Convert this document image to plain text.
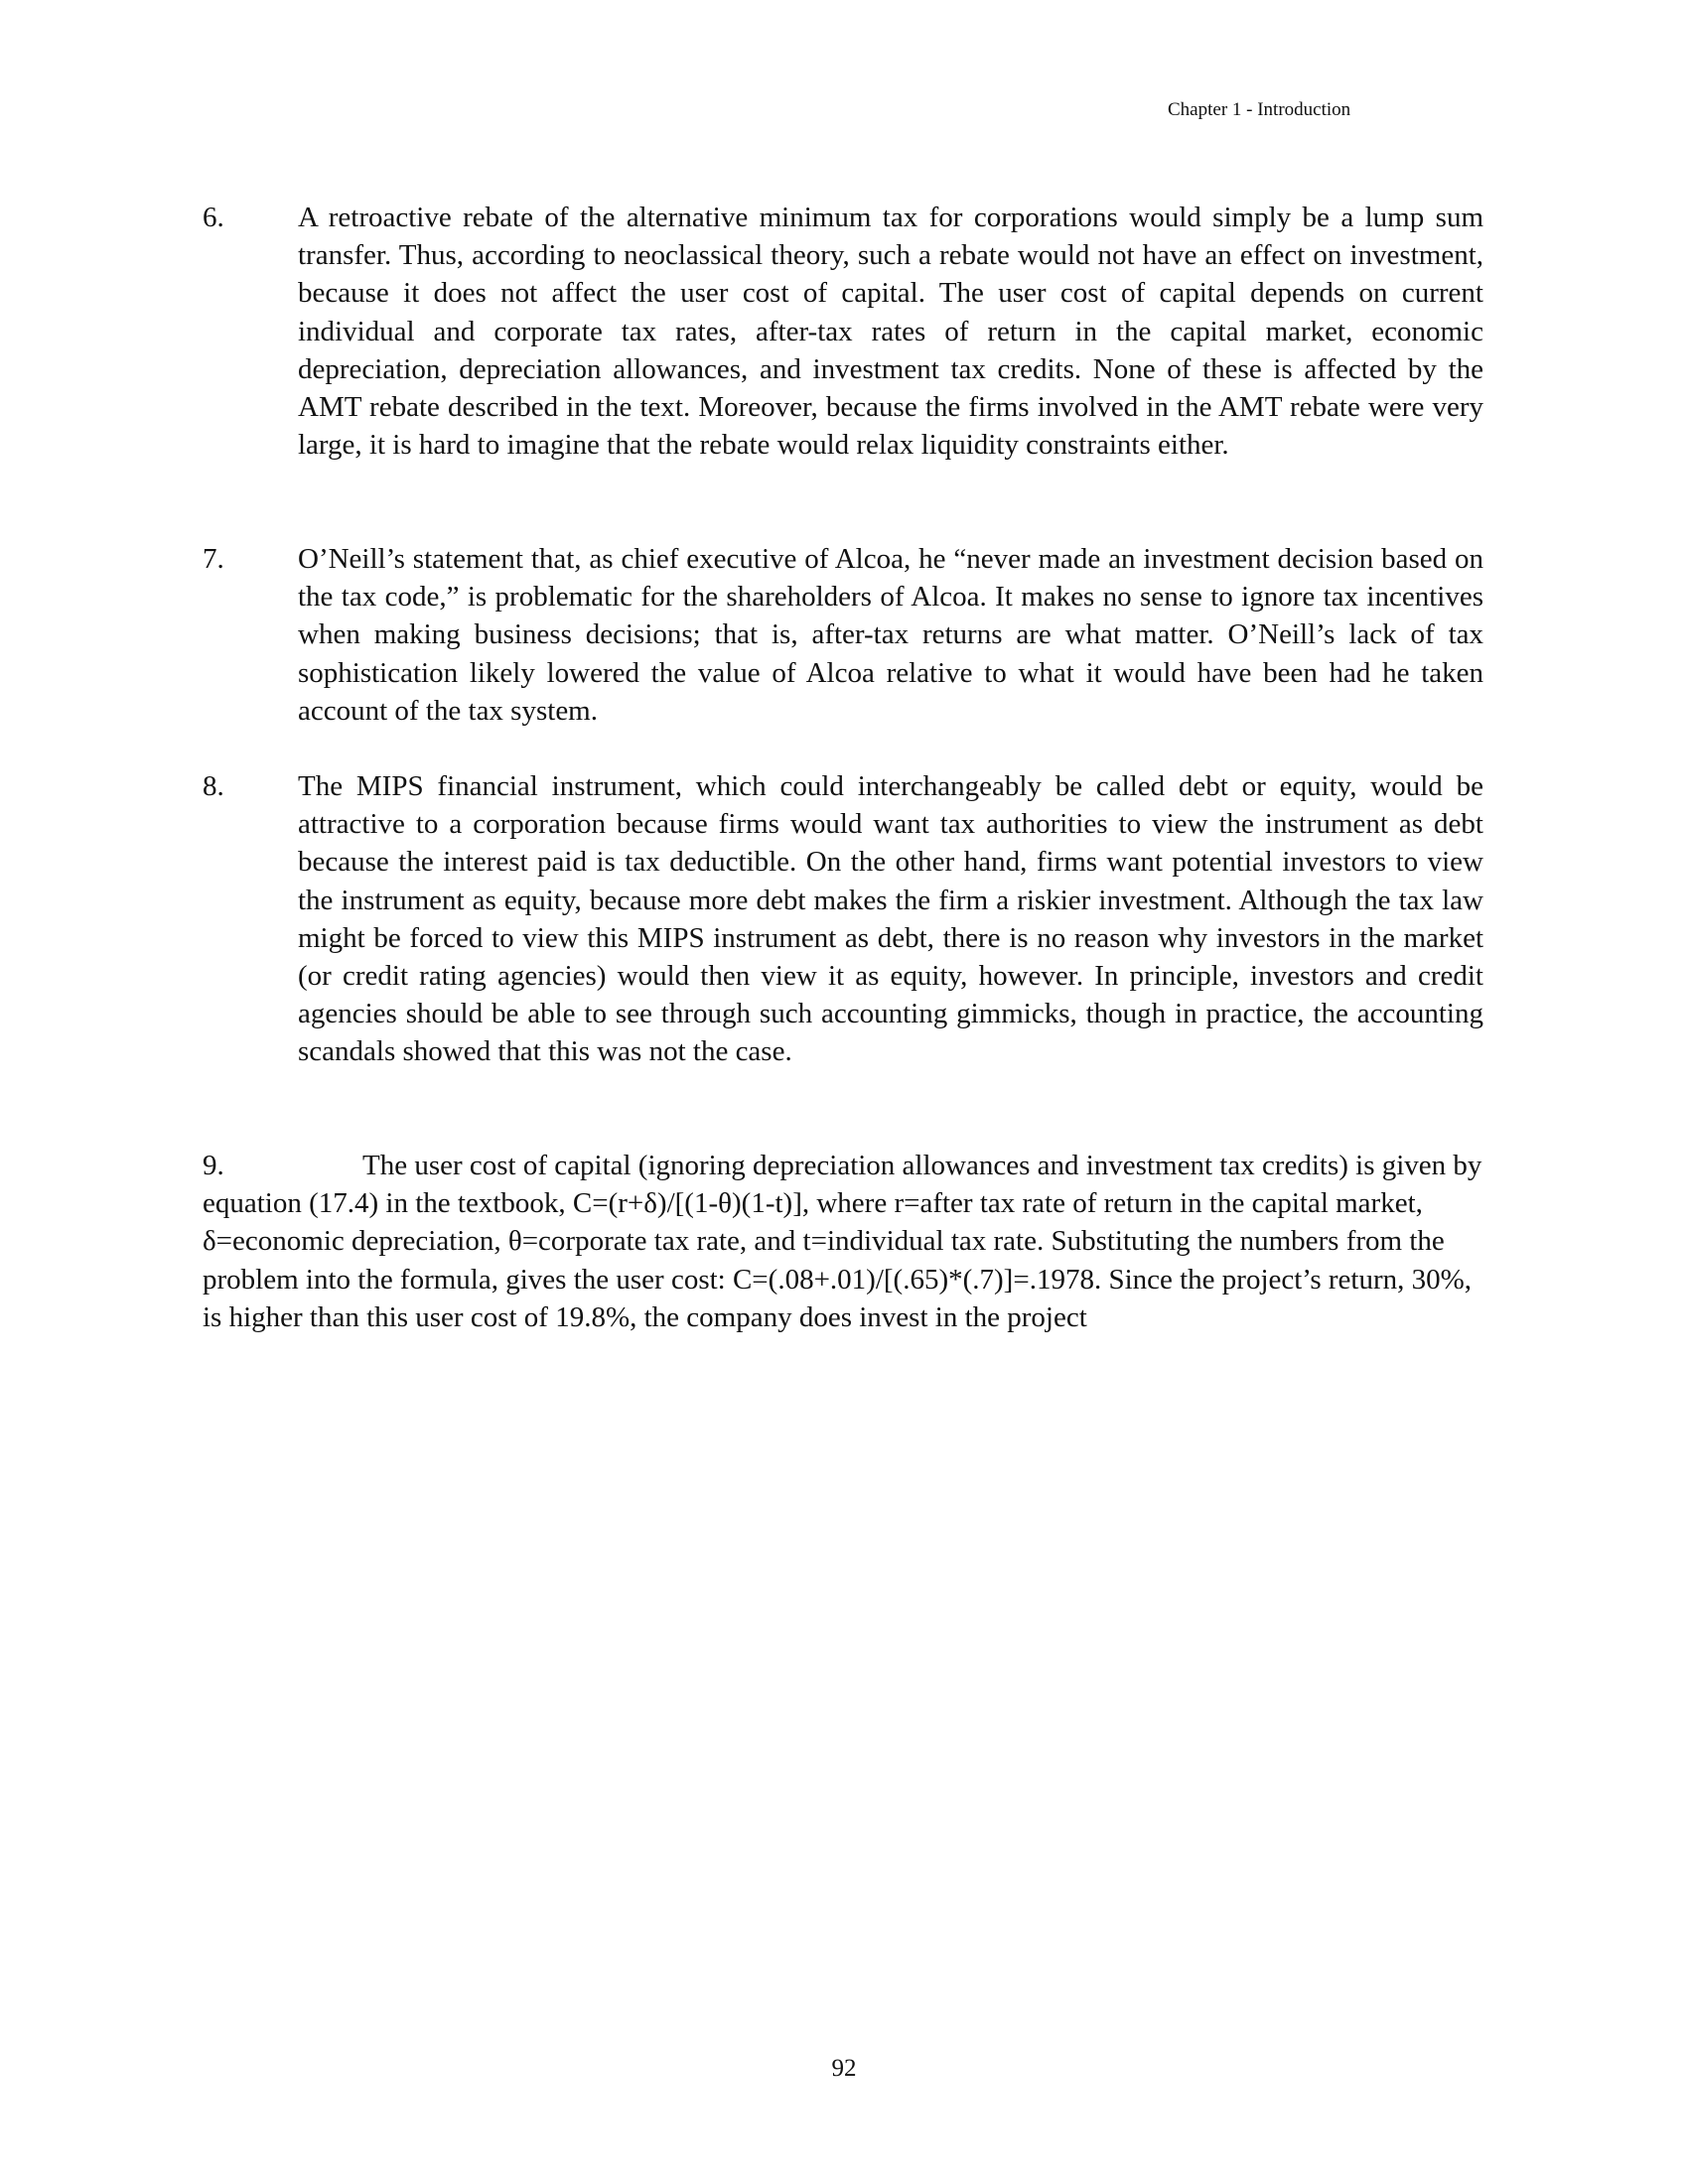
Chapter 1 - Introduction
6.	A retroactive rebate of the alternative minimum tax for corporations would simply be a lump sum transfer. Thus, according to neoclassical theory, such a rebate would not have an effect on investment, because it does not affect the user cost of capital. The user cost of capital depends on current individual and corporate tax rates, after-tax rates of return in the capital market, economic depreciation, depreciation allowances, and investment tax credits. None of these is affected by the AMT rebate described in the text. Moreover, because the firms involved in the AMT rebate were very large, it is hard to imagine that the rebate would relax liquidity constraints either.
7.	O’Neill’s statement that, as chief executive of Alcoa, he “never made an investment decision based on the tax code,” is problematic for the shareholders of Alcoa. It makes no sense to ignore tax incentives when making business decisions; that is, after-tax returns are what matter. O’Neill’s lack of tax sophistication likely lowered the value of Alcoa relative to what it would have been had he taken account of the tax system.
8.	The MIPS financial instrument, which could interchangeably be called debt or equity, would be attractive to a corporation because firms would want tax authorities to view the instrument as debt because the interest paid is tax deductible. On the other hand, firms want potential investors to view the instrument as equity, because more debt makes the firm a riskier investment. Although the tax law might be forced to view this MIPS instrument as debt, there is no reason why investors in the market (or credit rating agencies) would then view it as equity, however. In principle, investors and credit agencies should be able to see through such accounting gimmicks, though in practice, the accounting scandals showed that this was not the case.
9.	The user cost of capital (ignoring depreciation allowances and investment tax credits) is given by equation (17.4) in the textbook, C=(r+δ)/[(1-θ)(1-t)], where r=after tax rate of return in the capital market, δ=economic depreciation, θ=corporate tax rate, and t=individual tax rate. Substituting the numbers from the problem into the formula, gives the user cost: C=(.08+.01)/[(.65)*(.7)]=.1978. Since the project’s return, 30%, is higher than this user cost of 19.8%, the company does invest in the project
92
